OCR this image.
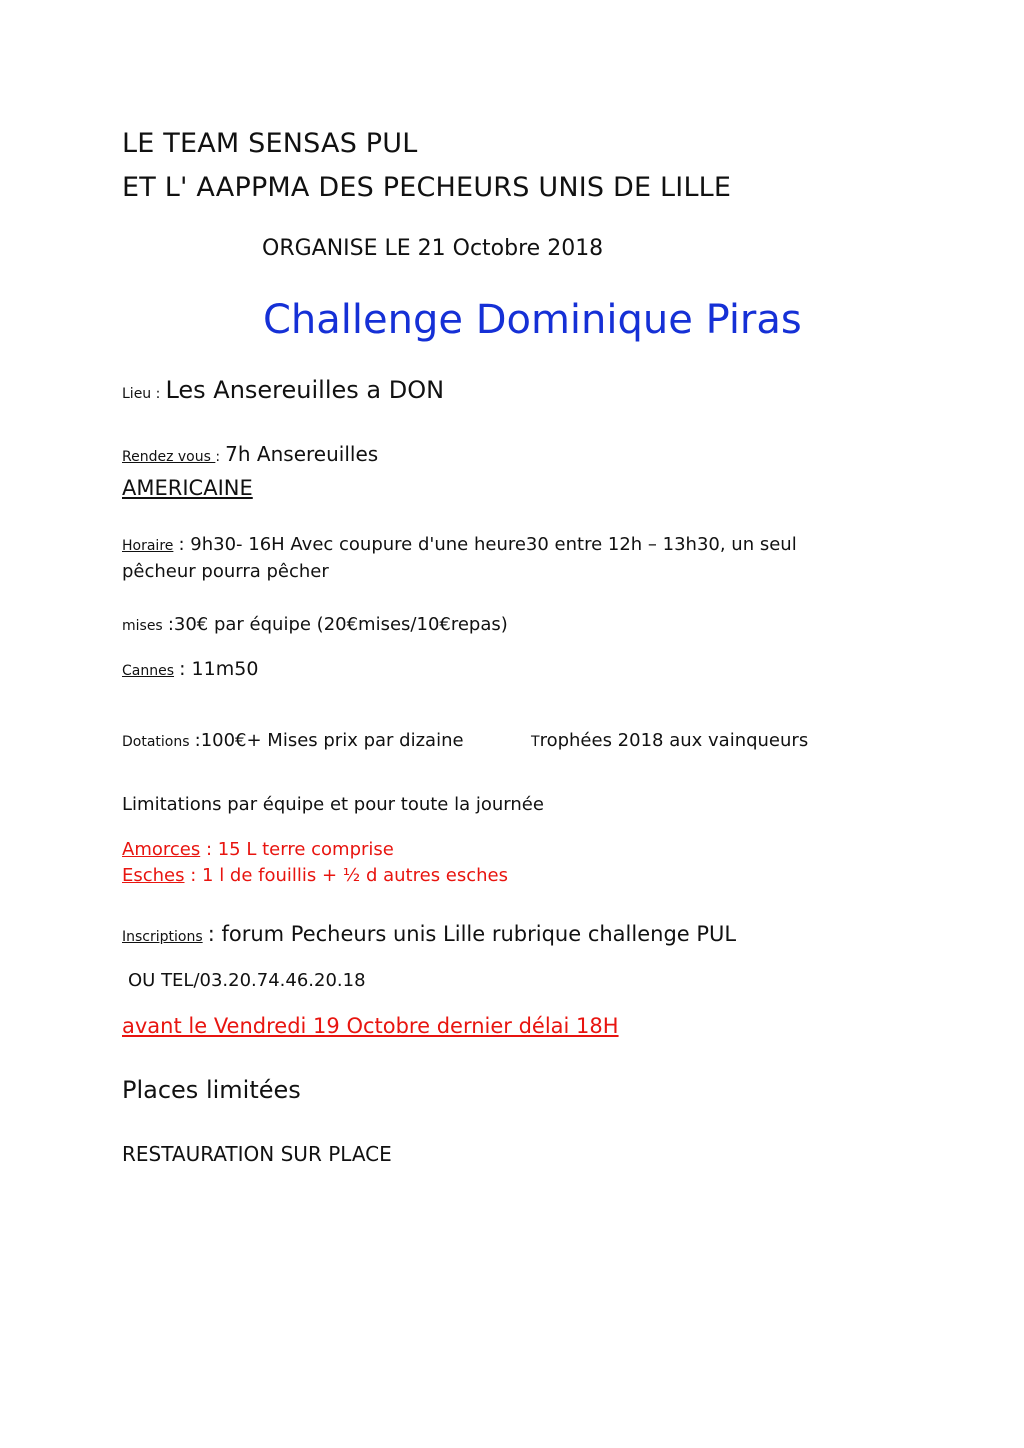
LE TEAM SENSAS PUL
ET L' AAPPMA DES PECHEURS UNIS DE LILLE
ORGANISE LE 21 Octobre 2018
Challenge Dominique Piras
Lieu : Les Ansereuilles a DON
Rendez vous : 7h Ansereuilles
AMERICAINE
Horaire : 9h30- 16H Avec coupure d'une heure30 entre 12h – 13h30, un seul
pêcheur pourra pêcher
mises :30€ par équipe (20€mises/10€repas)
Cannes : 11m50
Dotations :100€+ Mises prix par dizaine	Trophées 2018 aux vainqueurs
Limitations par équipe et pour toute la journée
Amorces : 15 L terre comprise
Esches : 1 l de fouillis + ½ d autres esches
Inscriptions : forum Pecheurs unis Lille rubrique challenge PUL
OU TEL/03.20.74.46.20.18
avant le Vendredi 19 Octobre dernier délai 18H
Places limitées
RESTAURATION SUR PLACE
